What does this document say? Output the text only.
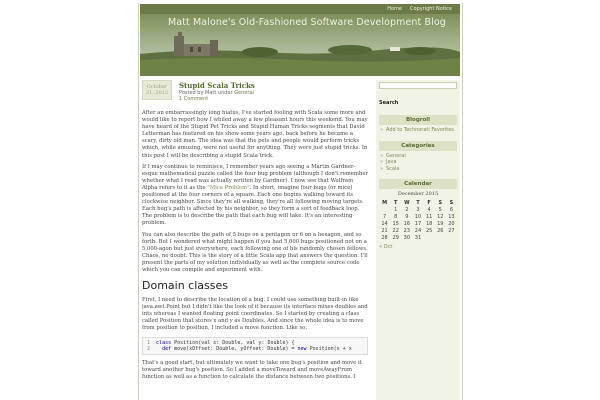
Home	Copyright Notice
Matt Malone's Old-Fashioned Software Development Blog
October
21, 2012
Stupid Scala Tricks
Posted by Matt under General
1 Comment

After an embarrassingly long hiatus, I've started fooling with Scala some more and would like to report how I whiled away a few pleasant hours this weekend. You may have heard of the Stupid Pet Tricks and Stupid Human Tricks segments that David Letterman has featured on his show some years ago, back before he became a scary, dirty old man. The idea was that the pets and people would perform tricks which, while amusing, were not useful for anything. They were just stupid tricks. In this post I will be describing a stupid Scala trick.

If I may continue to reminisce, I remember years ago seeing a Martin Gardner-esque mathematical puzzle called the four bug problem (although I don't remember whether what I read was actually written by Gardner). I now see that Wolfram Alpha refers to it as the "Mice Problem". In short, imagine four bugs (or mice) positioned at the four corners of a square. Each one begins walking toward its clockwise neighbor. Since they're all walking, they're all following moving targets. Each bug's path is affected by his neighbor, so they form a sort of feedback loop. The problem is to describe the path that each bug will take. It's an interesting problem.

You can also describe the path of 5 bugs on a pentagon or 6 on a hexagon, and so forth. But I wondered what might happen if you had 5,000 bugs positioned not on a 5,000-agon but just everywhere, each following one of his randomly chosen fellows. Chaos, no doubt. This is the story of a little Scala app that answers the question. I'll present the parts of my solution individually as well as the complete source code which you can compile and experiment with.

Domain classes

First, I need to describe the location of a bug. I could use something built-in like java.awt.Point but I didn't like the look of it because its interface mixes doubles and ints whereas I wanted floating point coordinates. So I started by creating a class called Position that stores x and y as Doubles. And since the whole idea is to move from position to position, I included a move function. Like so:

1 class Position(val x: Double, val y: Double) {
2 def move(xOffset: Double, yOffset: Double) = new Position(x + x

That's a good start, but ultimately we want to take one bug's position and move it toward another bug's position. So I added a moveToward and moveAwayFrom function as well as a function to calculate the distance between two positions. I

Search
Blogroll
» Add to Technorati Favorites
Categories
» General
» Java
» Scala
Calendar
December 2015
M	T	W	T	F	S	S
	1	2	3	4	5	6
7	8	9	10	11	12	13
14	15	16	17	18	19	20
21	22	23	24	25	26	27
28	29	30	31			
« Oct
